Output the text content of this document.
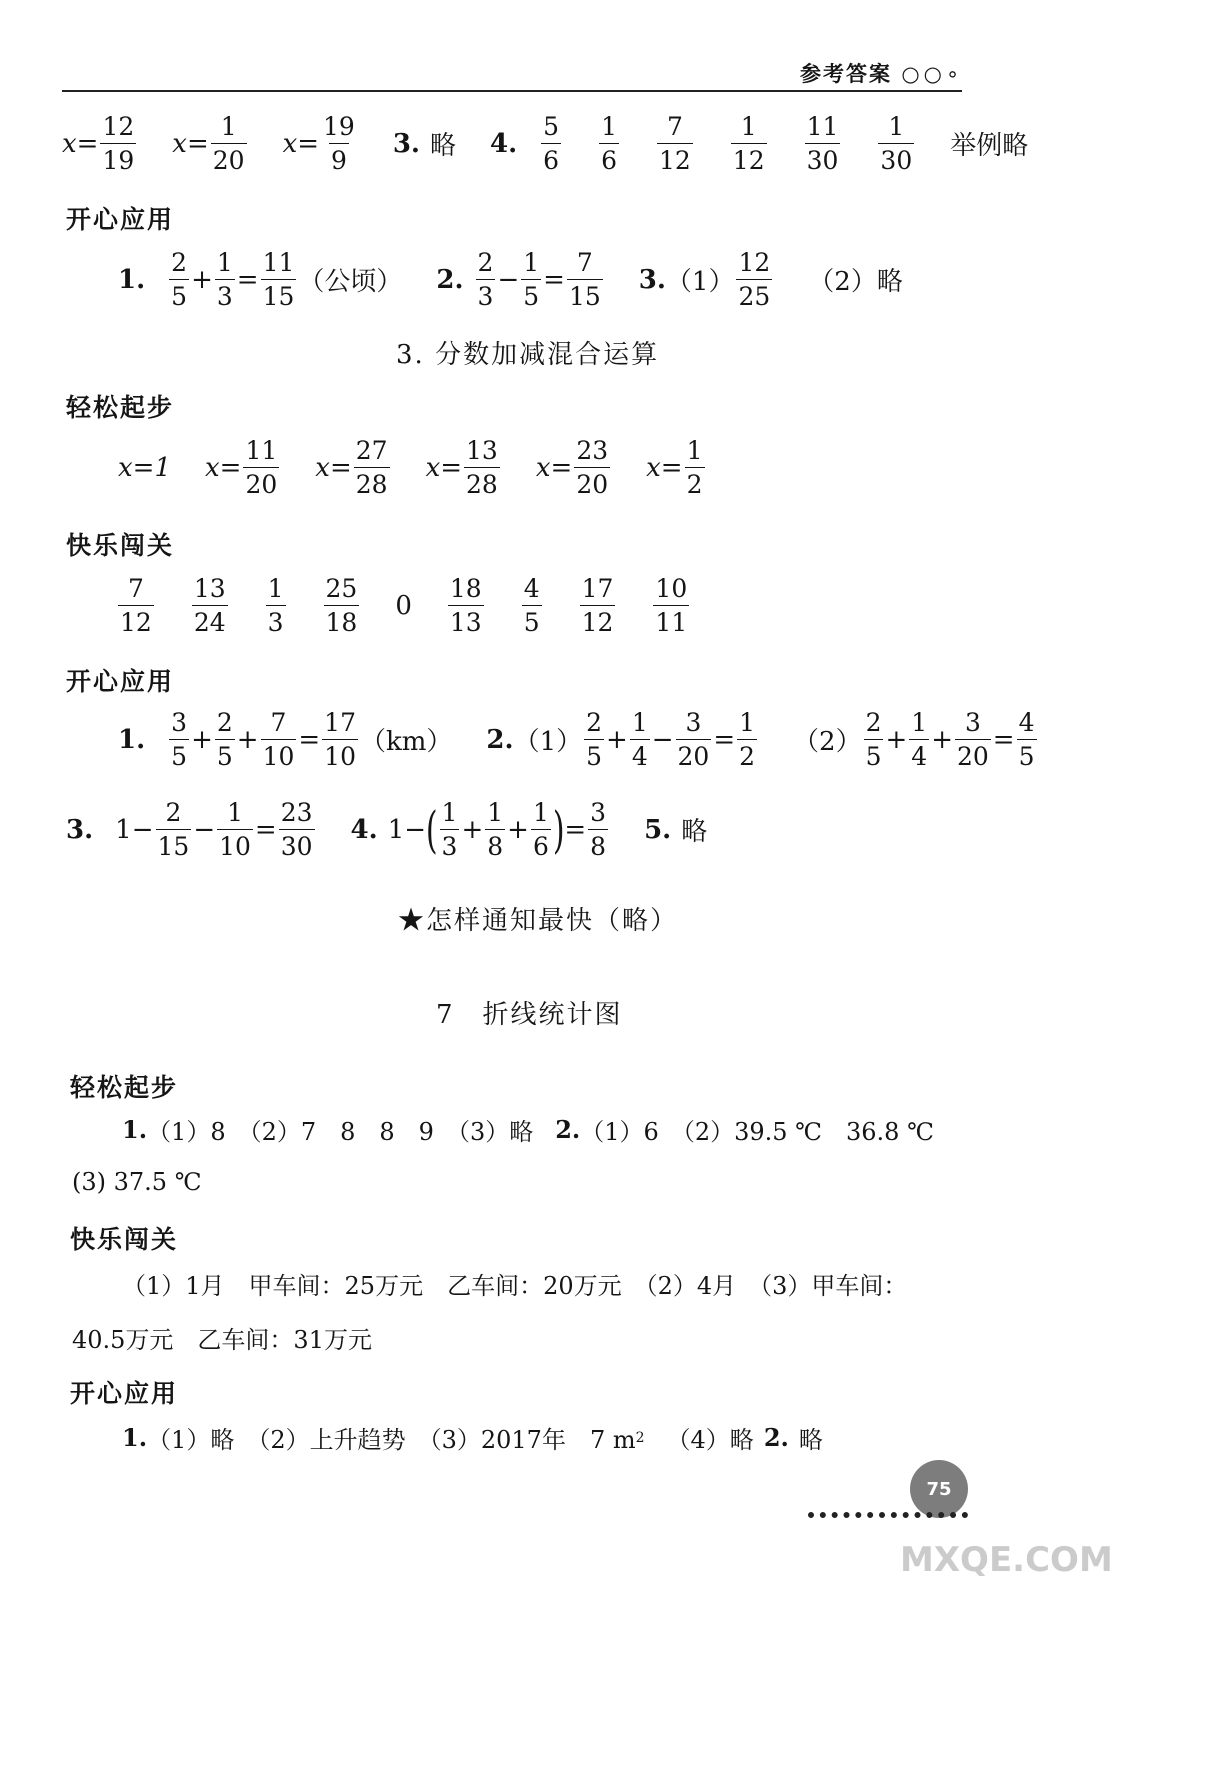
参考答案 ○○∘
$x = \frac{12}{19}$ $x = \frac{1}{20}$ $x = \frac{19}{9} 3$. 略 4. $\frac{5}{6} \frac{1}{6} \frac{7}{12} \frac{1}{12} \frac{11}{30} \frac{1}{30}$ 举例略
开心应用
1. $\frac{2}{5} + \frac{1}{3} = \frac{11}{15}$ （公顷） 2. $\frac{2}{3} - \frac{1}{5} = \frac{7}{15} 3$. $(1) \frac{12}{25} (2)$略
3. 分数加减混合运算
轻松起步
x=1 $x = \frac{11}{20}$ $x = \frac{27}{28}$ $x = \frac{13}{28}$ $x = \frac{23}{20}$ $x = \frac{1}{2}$
快乐闯关
$\frac{7}{12} \frac{13}{24} \frac{1}{3} \frac{25}{18} 0 \frac{18}{13} \frac{4}{5} \frac{17}{12} \frac{10}{11}$
开心应用
1. $\frac{3}{5} + \frac{2}{5} + \frac{7}{10} = \frac{17}{10} (km)$ 2. $(1) \frac{2}{5} + \frac{1}{4} - \frac{3}{20} = \frac{1}{2} (2) \frac{2}{5} + \frac{1}{4} + \frac{3}{20} = \frac{4}{5}$
3. $1 - \frac{2}{15} - \frac{1}{10} = \frac{23}{30} 4$. 1 − ( $\frac{1}{3} + \frac{1}{8} + \frac{1}{6}$ ) = $\frac{3}{8} 5$. 略
★怎样通知最快（略）
7　折线统计图
轻松起步
1. （1）8　（2）7　8　8　9　（3）略 2. （1）6　（2）39.5 ℃　36.8 ℃
(3) 37.5 ℃
快乐闯关
（1）1月　甲车间：25万元　乙车间：20万元　（2）4月　（3）甲车间：
40.5万元　乙车间：31万元
开心应用
1. （1）略　（2）上升趋势　（3）2017年　7 m 2 （4）略 2. 略
75
MXQE.COM
